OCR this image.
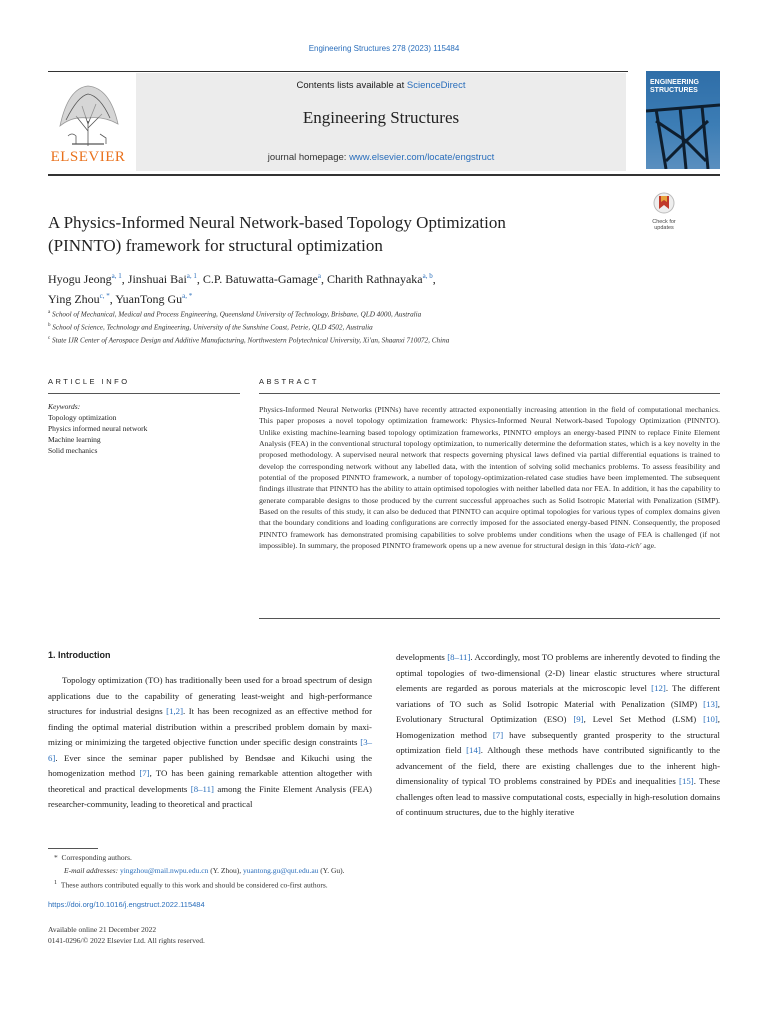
Engineering Structures 278 (2023) 115484
ELSEVIER
Contents lists available at ScienceDirect
Engineering Structures
journal homepage: www.elsevier.com/locate/engstruct
ENGINEERING STRUCTURES
Check for updates
A Physics-Informed Neural Network-based Topology Optimization
(PINNTO) framework for structural optimization
Hyogu Jeong$^{a, 1}$, Jinshuai Bai$^{a, 1}$, C.P. Batuwatta-Gamage$^a$, Charith Rathnayaka$^{a, b}$,
Ying Zhou$^{c, *}$, YuanTong $Gu^{a, *}$
$^a$ School of Mechanical, Medical and Process Engineering, Queensland University of Technology, Brisbane, QLD 4000, Australia
$^b$ School of Science, Technology and Engineering, University of the Sunshine Coast, Petrie, QLD 4502, Australia
$^c$ State IJR Center of Aerospace Design and Additive Manufacturing, Northwestern Polytechnical University, Xi'an, Shaanxi 710072, China
ARTICLE INFO
Keywords:
Topology optimization
Physics informed neural network
Machine learning
Solid mechanics
ABSTRACT
Physics-Informed Neural Networks (PINNs) have recently attracted exponentially increasing attention in the field of computational mechanics. This paper proposes a novel topology optimization framework: Physics-Informed Neural Network-based Topology Optimization (PINNTO). Unlike existing machine-learning based topology optimization frameworks, PINNTO employs an energy-based PINN to replace Finite Element Analysis (FEA) in the conventional structural topology optimization, to numerically determine the deformation states, which is a key novelty in the proposed methodology. A supervised neural network that respects governing physical laws defined via partial differential equations is trained to develop the corresponding network without any labelled data, with the intention of solving solid mechanics problems. To assess feasibility and potential of the proposed PINNTO framework, a number of topology-optimization-related case studies have been implemented. The subsequent findings illustrate that PINNTO has the ability to attain optimised topologies with neither labelled data nor FEA. In addition, it has the capability to generate comparable designs to those produced by the current successful approaches such as Solid Isotropic Material with Penalization (SIMP). Based on the results of this study, it can also be deduced that PINNTO can acquire optimal topologies for various types of complex domains given that the boundary conditions and loading configurations are correctly imposed for the associated energy-based PINN. Consequently, the proposed PINNTO framework has demonstrated promising capabilities to solve problems under conditions when the usage of FEA is challenged (if not impossible). In summary, the proposed PINNTO framework opens up a new avenue for structural design in this 'data-rich' age.
1. Introduction
Topology optimization (TO) has traditionally been used for a broad spectrum of design applications due to the capability of generating least-weight and high-performance structures for industrial designs [1,2]. It has been recognized as an effective method for finding the optimal material distribution within a prescribed problem domain by maxi-mizing or minimizing the targeted objective function under specific design constraints [3–6]. Ever since the seminar paper published by Bendsøe and Kikuchi using the homogenization method [7], TO has been gaining remarkable attention altogether with theoretical and practical developments [8–11] among the Finite Element Analysis (FEA) researcher-community, leading to theoretical and practical
developments [8–11]. Accordingly, most TO problems are inherently devoted to finding the optimal topologies of two-dimensional (2-D) linear elastic structures where structural elements are regarded as porous materials at the microscopic level [12]. The different variations of TO such as Solid Isotropic Material with Penalization (SIMP) [13], Evolutionary Structural Optimization (ESO) [9], Level Set Method (LSM) [10], Homogenization method [7] have subsequently granted prosperity to the structural optimization field [14]. Although these methods have contributed significantly to the advancement of the field, there are existing challenges due to the inherent high-dimensionality of typical TO problems constrained by PDEs and inequalities [15]. These challenges often lead to massive computational costs, especially in high-resolution domains of continuum structures, due to the highly iterative
* Corresponding authors.
E-mail addresses: yingzhou@mail.nwpu.edu.cn (Y. Zhou), yuantong.gu@qut.edu.au (Y. Gu).
$^1$ These authors contributed equally to this work and should be considered co-first authors.
https://doi.org/10.1016/j.engstruct.2022.115484
Available online 21 December 2022
0141-0296/© 2022 Elsevier Ltd. All rights reserved.
